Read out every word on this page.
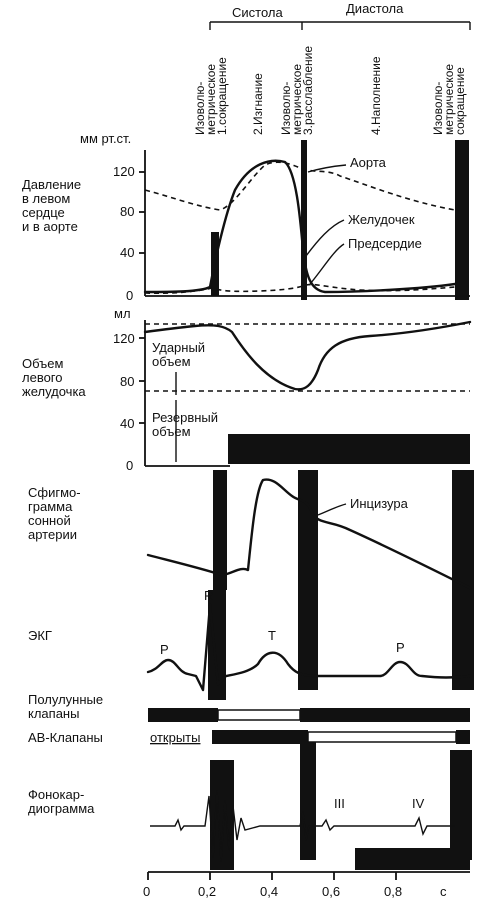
Систола	Диастола
Изоволю-метрическое1.сокращение 2.Изгнание Изоволю-метрическое3.расслабление	4.Наполнение	Изоволю-метрическоесокращение
мм рт.ст.
Давление в левом сердце и в аорте
120
80
40
0
Аорта
Желудочек
Предсердие
мл
Объем левого желудочка
120
80
40
0
Ударный объем
Резервный объем
Сфигмо-грамма сонной артерии
Инцизура
ЭКГ
P
R
T
P
Полулунные клапаны
АВ-Клапаны	открыты
Фонокар-диограмма	III	IV
0	0,2	0,4	0,6	0,8	с
